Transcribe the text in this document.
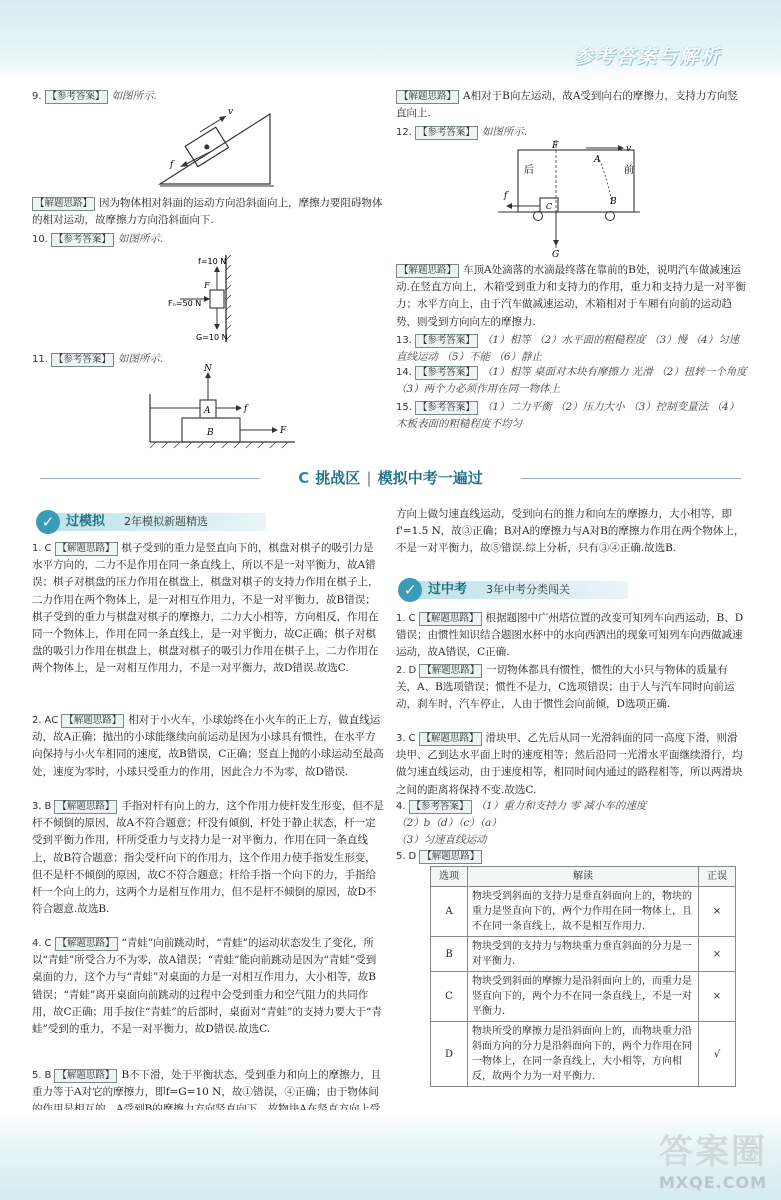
参考答案与解析
9. 【参考答案】 如图所示.
v
f
【解题思路】 因为物体相对斜面的运动方向沿斜面向上，摩擦力要阻碍物体的相对运动，故摩擦力方向沿斜面向下.
10. 【参考答案】 如图所示.
f=10 N
Fₙ=50 N
F
G=10 N
11. 【参考答案】 如图所示.
B
A
N
f
F
【解题思路】 A相对于B向左运动，故A受到向右的摩擦力，支持力方向竖直向上.
12. 【参考答案】 如图所示.
F	v
后	前
A
B
C
f
G
【解题思路】 车顶A处滴落的水滴最终落在靠前的B处，说明汽车做减速运动.在竖直方向上，木箱受到重力和支持力的作用，重力和支持力是一对平衡力；水平方向上，由于汽车做减速运动，木箱相对于车厢有向前的运动趋势，则受到方向向左的摩擦力.
13. 【参考答案】 （1）相等 （2）水平面的粗糙程度 （3）慢 （4）匀速直线运动 （5）不能 （6）静止
14. 【参考答案】 （1）相等 桌面对木块有摩擦力 光滑 （2）扭转一个角度 （3）两个力必须作用在同一物体上
15. 【参考答案】 （1）二力平衡 （2）压力大小 （3）控制变量法 （4）木板表面的粗糙程度不均匀
C 挑战区 | 模拟中考一遍过
✓ 过模拟 2年模拟新题精选
1. C 【解题思路】 棋子受到的重力是竖直向下的，棋盘对棋子的吸引力是水平方向的，二力不是作用在同一条直线上，所以不是一对平衡力，故A错误；棋子对棋盘的压力作用在棋盘上，棋盘对棋子的支持力作用在棋子上，二力作用在两个物体上，是一对相互作用力，不是一对平衡力，故B错误；棋子受到的重力与棋盘对棋子的摩擦力，二力大小相等，方向相反，作用在同一个物体上，作用在同一条直线上，是一对平衡力，故C正确；棋子对棋盘的吸引力作用在棋盘上，棋盘对棋子的吸引力作用在棋子上，二力作用在两个物体上，是一对相互作用力，不是一对平衡力，故D错误.故选C.
2. AC 【解题思路】 相对于小火车，小球始终在小火车的正上方，做直线运动，故A正确；抛出的小球能继续向前运动是因为小球具有惯性，在水平方向保持与小火车相同的速度，故B错误，C正确；竖直上抛的小球运动至最高处，速度为零时，小球只受重力的作用，因此合力不为零，故D错误.
3. B 【解题思路】 手指对杆有向上的力，这个作用力使杆发生形变，但不是杆不倾倒的原因，故A不符合题意；杆没有倾倒，杆处于静止状态，杆一定受到平衡力作用，杆所受重力与支持力是一对平衡力，作用在同一条直线上，故B符合题意；指尖受杆向下的作用力，这个作用力使手指发生形变，但不是杆不倾倒的原因，故C不符合题意；杆给手指一个向下的力，手指给杆一个向上的力，这两个力是相互作用力，但不是杆不倾倒的原因，故D不符合题意.故选B.
4. C 【解题思路】 “青蛙”向前跳动时，“青蛙”的运动状态发生了变化，所以“青蛙”所受合力不为零，故A错误；“青蛙”能向前跳动是因为“青蛙”受到桌面的力，这个力与“青蛙”对桌面的力是一对相互作用力，大小相等，故B错误；“青蛙”离开桌面向前跳动的过程中会受到重力和空气阻力的共同作用，故C正确；用手按住“青蛙”的后部时，桌面对“青蛙”的支持力要大于“青蛙”受到的重力，不是一对平衡力，故D错误.故选C.
5. B 【解题思路】 B不下滑，处于平衡状态，受到重力和向上的摩擦力，且重力等于A对它的摩擦力，即f=G=10 N，故①错误，④正确；由于物体间
方向上做匀速直线运动，受到向右的推力和向左的摩擦力，大小相等，即f'=1.5 N，故③正确；B对A的摩擦力与A对B的摩擦力作用在两个物体上，不是一对平衡力，故⑤错误.综上分析，只有③④正确.故选B.
✓ 过中考 3年中考分类闯关
1. C 【解题思路】 根据题图中广州塔位置的改变可知列车向西运动，B、D错误；由惯性知识结合题图水杯中的水向西洒出的现象可知列车向西做减速运动，故A错误，C正确.
2. D 【解题思路】 一切物体都具有惯性，惯性的大小只与物体的质量有关，A、B选项错误；惯性不是力，C选项错误；由于人与汽车同时向前运动，刹车时，汽车停止，人由于惯性会向前倾，D选项正确.
3. C 【解题思路】 滑块甲、乙先后从同一光滑斜面的同一高度下滑，则滑块甲、乙到达水平面上时的速度相等；然后沿同一光滑水平面继续滑行，均做匀速直线运动，由于速度相等，相同时间内通过的路程相等，所以两滑块之间的距离将保持不变.故选C.
4. 【参考答案】 （1）重力和支持力 零 减小车的速度
（2）b（d）（c）（a）
（3）匀速直线运动
5. D 【解题思路】
选项	解读	正误
A	物块受到斜面的支持力是垂直斜面向上的，物块的重力是竖直向下的，两个力作用在同一物体上，且不在同一条直线上，故不是相互作用力.	×
B	物块受到的支持力与物块重力垂直斜面的分力是一对平衡力.	×
C	物块受到斜面的摩擦力是沿斜面向上的，而重力是竖直向下的，两个力不在同一条直线上，不是一对平衡力.	×
D	物块所受的摩擦力是沿斜面向上的，而物块重力沿斜面方向的分力是沿斜面向下的，两个力作用在同一物体上，在同一条直线上，大小相等，方向相反，故两个力为一对平衡力.	√
答案圈
MXQE.COM
